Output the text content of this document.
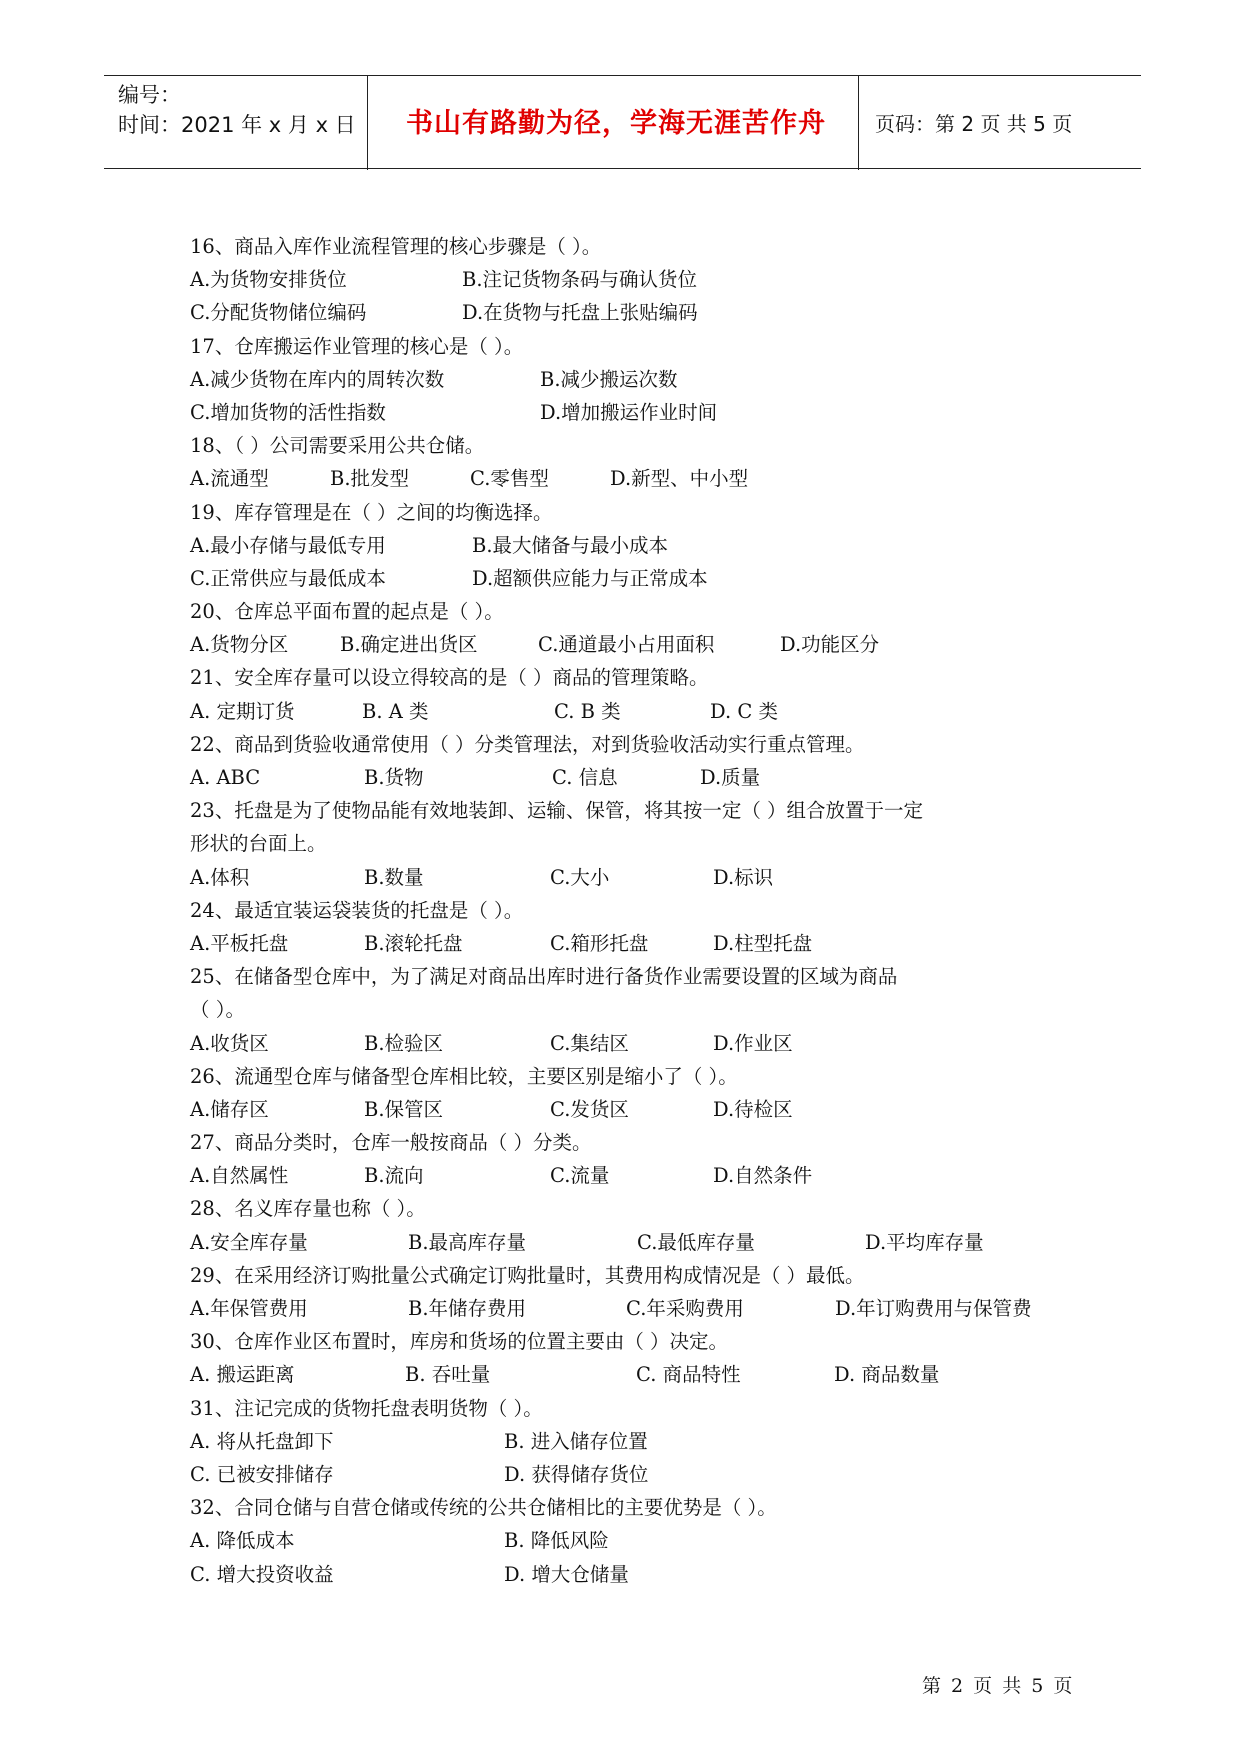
编号：
时间：2021 年 x 月 x 日	书山有路勤为径，学海无涯苦作舟	页码：第 2 页 共 5 页
16、商品入库作业流程管理的核心步骤是（ ）。
A.为货物安排货位	B.注记货物条码与确认货位
C.分配货物储位编码	D.在货物与托盘上张贴编码
17、仓库搬运作业管理的核心是（ ）。
A.减少货物在库内的周转次数	B.减少搬运次数
C.增加货物的活性指数	D.增加搬运作业时间
18、（ ）公司需要采用公共仓储。
A.流通型	B.批发型	C.零售型	D.新型、中小型
19、库存管理是在（ ）之间的均衡选择。
A.最小存储与最低专用	B.最大储备与最小成本
C.正常供应与最低成本	D.超额供应能力与正常成本
20、仓库总平面布置的起点是（ ）。
A.货物分区	B.确定进出货区	C.通道最小占用面积	D.功能区分
21、安全库存量可以设立得较高的是（ ）商品的管理策略。
A. 定期订货	B. A 类	C. B 类	D. C 类
22、商品到货验收通常使用（ ）分类管理法，对到货验收活动实行重点管理。
A. ABC	B.货物	C. 信息	D.质量
23、托盘是为了使物品能有效地装卸、运输、保管，将其按一定（ ）组合放置于一定
形状的台面上。
A.体积	B.数量	C.大小	D.标识
24、最适宜装运袋装货的托盘是（ ）。
A.平板托盘	B.滚轮托盘	C.箱形托盘	D.柱型托盘
25、在储备型仓库中，为了满足对商品出库时进行备货作业需要设置的区域为商品
（ ）。
A.收货区	B.检验区	C.集结区	D.作业区
26、流通型仓库与储备型仓库相比较，主要区别是缩小了（ ）。
A.储存区	B.保管区	C.发货区	D.待检区
27、商品分类时，仓库一般按商品（ ）分类。
A.自然属性	B.流向	C.流量	D.自然条件
28、名义库存量也称（ ）。
A.安全库存量	B.最高库存量	C.最低库存量	D.平均库存量
29、在采用经济订购批量公式确定订购批量时，其费用构成情况是（ ）最低。
A.年保管费用	B.年储存费用	C.年采购费用	D.年订购费用与保管费
30、仓库作业区布置时，库房和货场的位置主要由（ ）决定。
A. 搬运距离	B. 吞吐量	C. 商品特性	D. 商品数量
31、注记完成的货物托盘表明货物（ ）。
A. 将从托盘卸下	B. 进入储存位置
C. 已被安排储存	D. 获得储存货位
32、合同仓储与自营仓储或传统的公共仓储相比的主要优势是（ ）。
A. 降低成本	B. 降低风险
C. 增大投资收益	D. 增大仓储量
第 2 页 共 5 页
